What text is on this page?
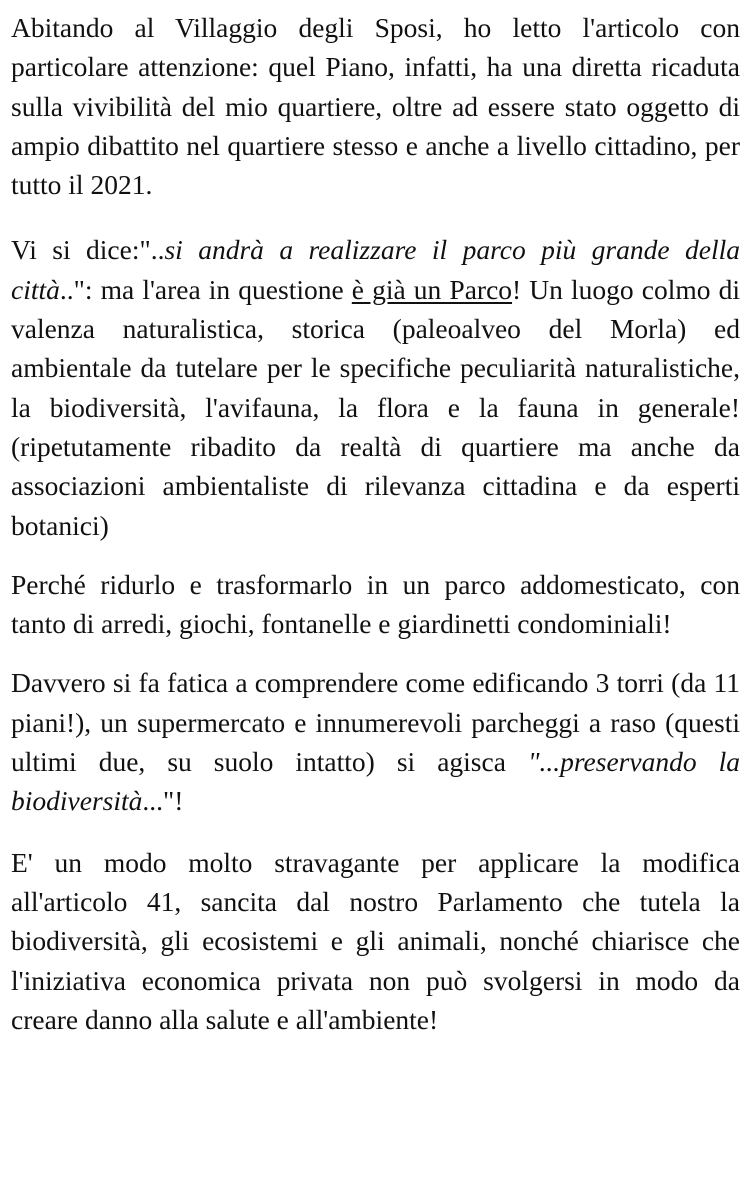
Abitando al Villaggio degli Sposi, ho letto l'articolo con particolare attenzione: quel Piano, infatti, ha una diretta ricaduta sulla vivibilità del mio quartiere, oltre ad essere stato oggetto di ampio dibattito nel quartiere stesso e anche a livello cittadino, per tutto il 2021.

Vi si dice:"..si andrà a realizzare il parco più grande della città..": ma l'area in questione è già un Parco! Un luogo colmo di valenza naturalistica, storica (paleoalveo del Morla) ed ambientale da tutelare per le specifiche peculiarità naturalistiche, la biodiversità, l'avifauna, la flora e la fauna in generale! (ripetutamente ribadito da realtà di quartiere ma anche da associazioni ambientaliste di rilevanza cittadina e da esperti botanici)

Perché ridurlo e trasformarlo in un parco addomesticato, con tanto di arredi, giochi, fontanelle e giardinetti condominiali!

Davvero si fa fatica a comprendere come edificando 3 torri (da 11 piani!), un supermercato e innumerevoli parcheggi a raso (questi ultimi due, su suolo intatto) si agisca "...preservando la biodiversità..."!

E' un modo molto stravagante per applicare la modifica all'articolo 41, sancita dal nostro Parlamento che tutela la biodiversità, gli ecosistemi e gli animali, nonché chiarisce che l'iniziativa economica privata non può svolgersi in modo da creare danno alla salute e all'ambiente!
